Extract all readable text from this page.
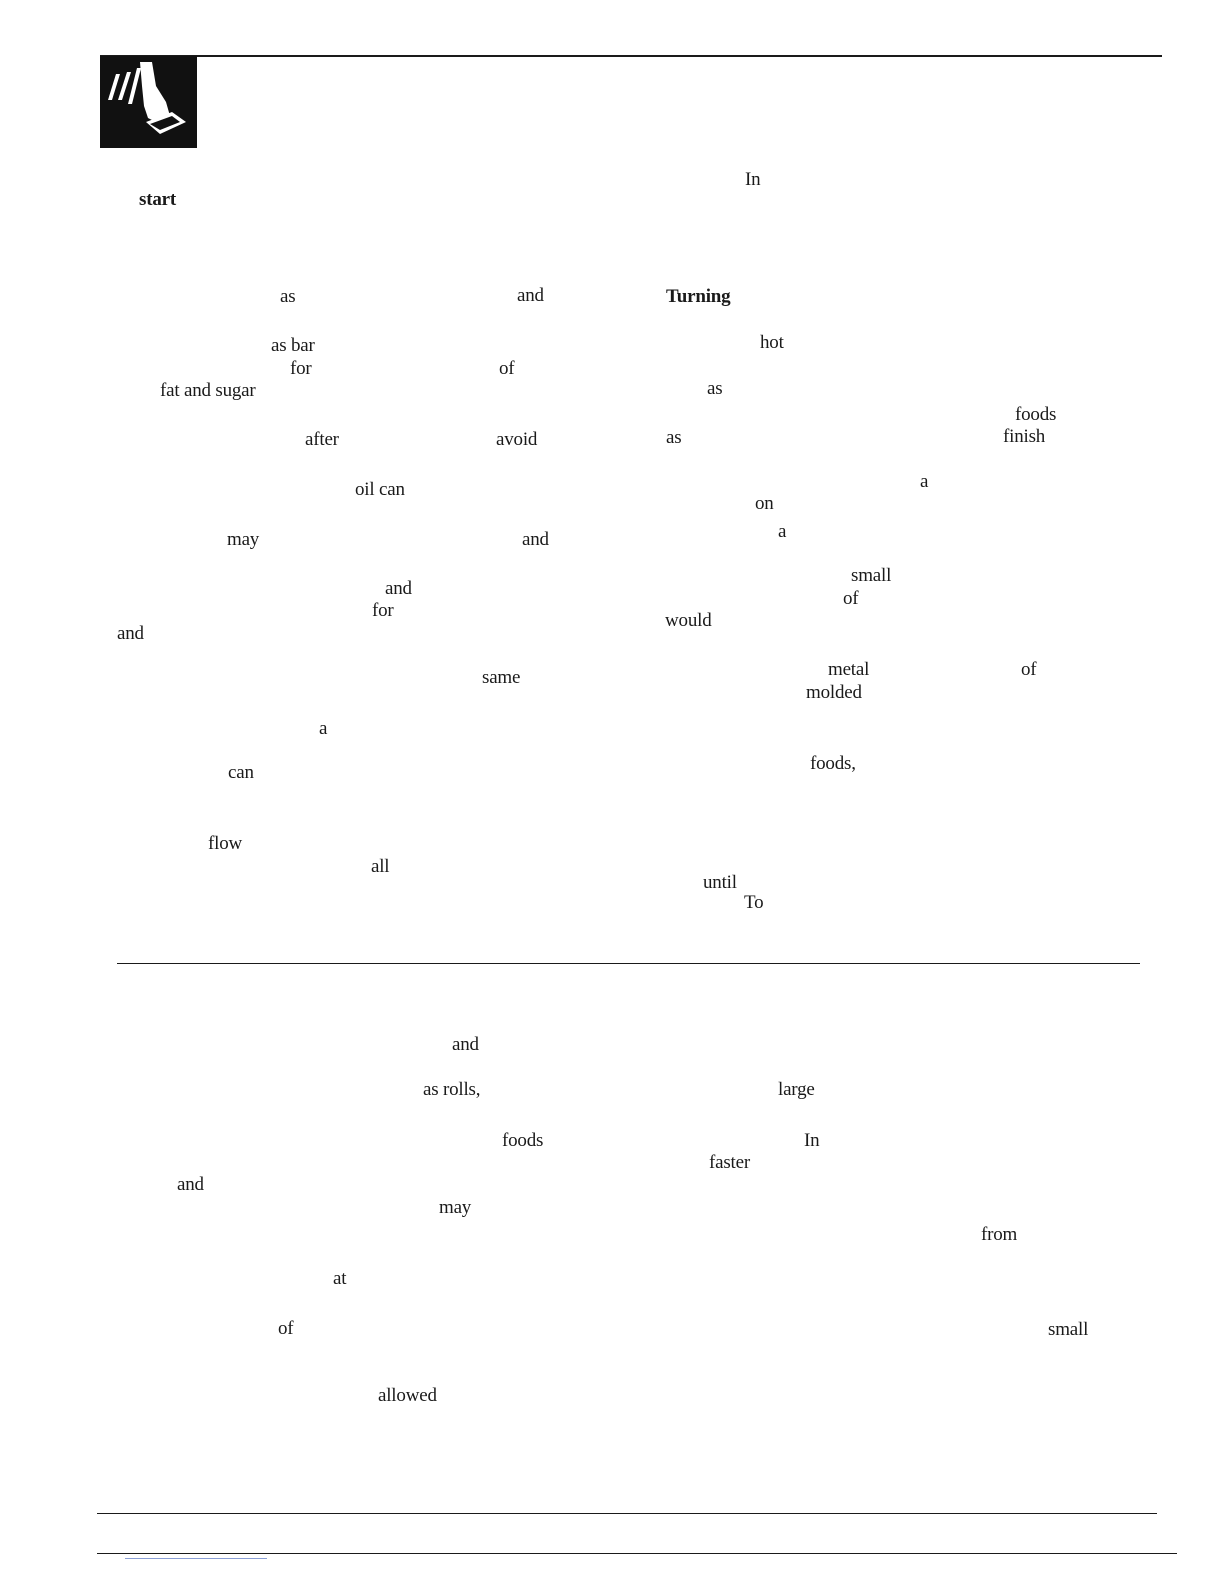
start
In
as	and	Turning
as bar	hot
for	of
fat and sugar	as
foods
after	avoid	as	finish
a
oil can
on
may	and	a
small
and	of
for	would
and
metal	of
same
molded
a
foods,
can
flow
all
until
To
and
as rolls,	large
foods	In
faster
and
may
from
at
of	small
allowed
